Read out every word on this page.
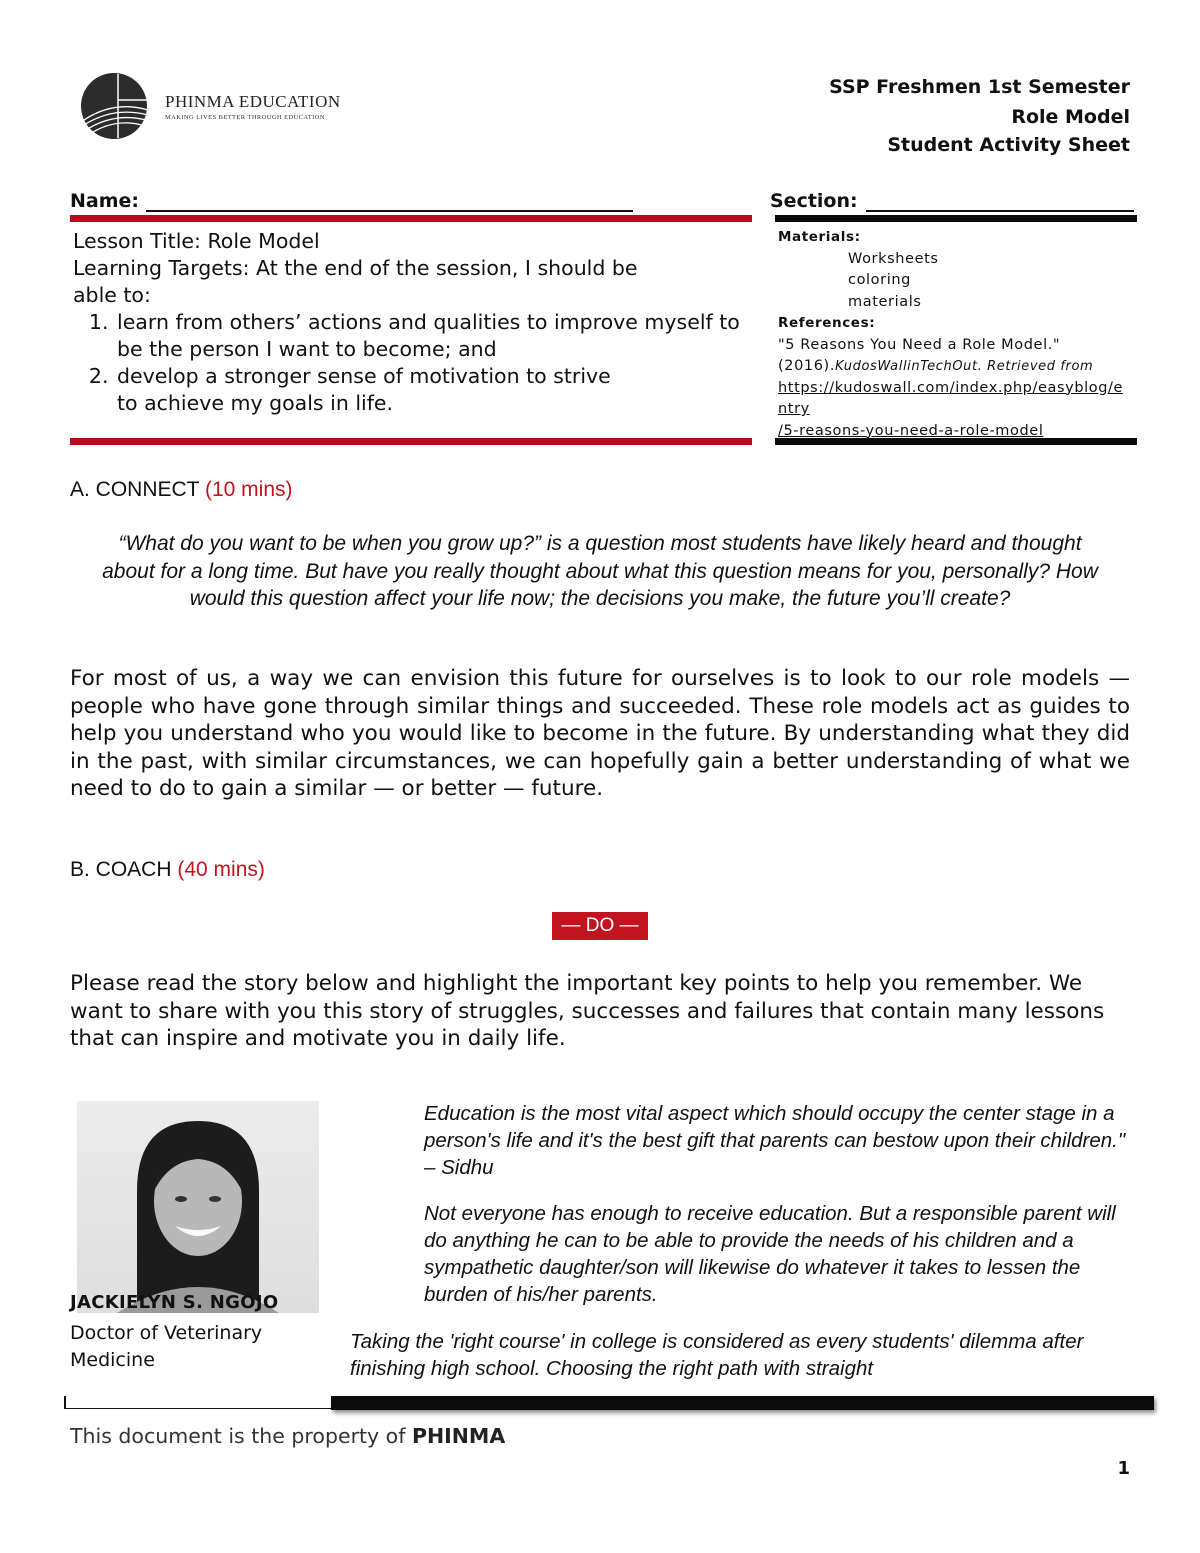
PHINMA EDUCATION
MAKING LIVES BETTER THROUGH EDUCATION
SSP Freshmen 1st Semester
Role Model
Student Activity Sheet
Name:	Section:
Lesson Title: Role Model
Learning Targets: At the end of the session, I should be
able to:
1. learn from others’ actions and qualities to improve myself to be the person I want to become; and
2. develop a stronger sense of motivation to strive to achieve my goals in life.
Materials:
Worksheets
coloring
materials
References:
"5 Reasons You Need a Role Model."
(2016).KudosWallinTechOut. Retrieved from
https://kudoswall.com/index.php/easyblog/e
ntry
/5-reasons-you-need-a-role-model
A. CONNECT (10 mins)
“What do you want to be when you grow up?” is a question most students have likely heard and thought about for a long time. But have you really thought about what this question means for you, personally? How would this question affect your life now; the decisions you make, the future you’ll create?
For most of us, a way we can envision this future for ourselves is to look to our role models — people who have gone through similar things and succeeded. These role models act as guides to help you understand who you would like to become in the future. By understanding what they did in the past, with similar circumstances, we can hopefully gain a better understanding of what we need to do to gain a similar — or better — future.
B. COACH (40 mins)
— DO —
Please read the story below and highlight the important key points to help you remember. We want to share with you this story of struggles, successes and failures that contain many lessons that can inspire and motivate you in daily life.
JACKIELYN S. NGOJO
Doctor of Veterinary Medicine
Education is the most vital aspect which should occupy the center stage in a person's life and it's the best gift that parents can bestow upon their children." – Sidhu
Not everyone has enough to receive education. But a responsible parent will do anything he can to be able to provide the needs of his children and a sympathetic daughter/son will likewise do whatever it takes to lessen the burden of his/her parents.
Taking the 'right course' in college is considered as every students' dilemma after finishing high school. Choosing the right path with straight
This document is the property of PHINMA
1
